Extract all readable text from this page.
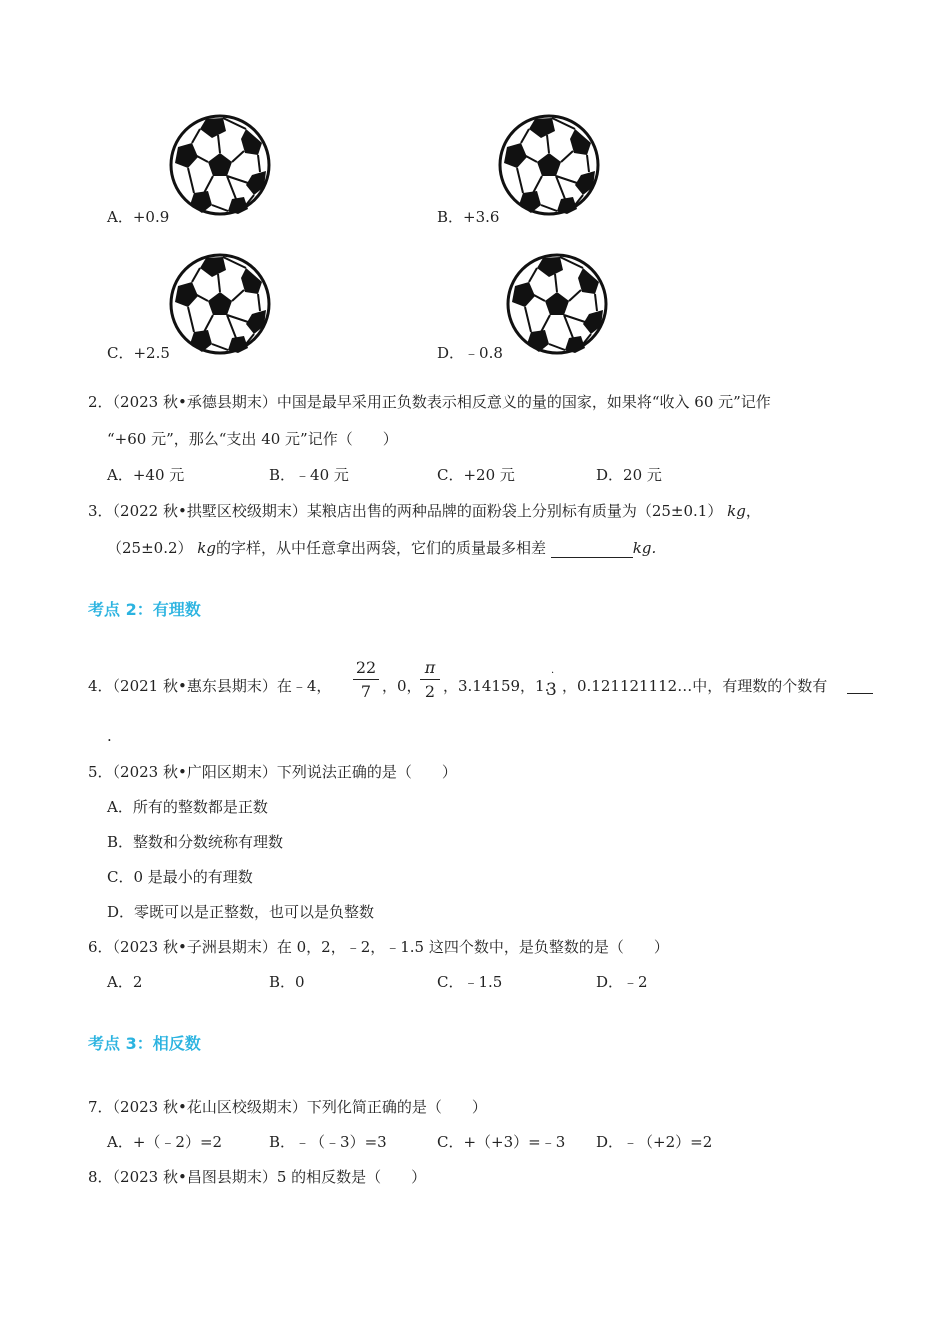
A．+0.9	B．+3.6
C．+2.5	D．﹣0.8
2．（2023 秋•承德县期末）中国是最早采用正负数表示相反意义的量的国家，如果将“收入 60 元”记作
“+60 元”，那么“支出 40 元”记作（　　）
A．+40 元	B．﹣40 元	C．+20 元	D．20 元
3．（2022 秋•拱墅区校级期末）某粮店出售的两种品牌的面粉袋上分别标有质量为（25±0.1） kg，
（25±0.2） kg的字样，从中任意拿出两袋，它们的质量最多相差	kg.
考点 2：有理数
4．（2021 秋•惠东县期末）在﹣4，
22
7 ，0，
π
2 ，3.14159，1.
·
3 ，0.121121112…中，有理数的个数有

.
5．（2023 秋•广阳区期末）下列说法正确的是（　　）
A．所有的整数都是正数
B．整数和分数统称有理数
C．0 是最小的有理数
D．零既可以是正整数，也可以是负整数
6．（2023 秋•子洲县期末）在 0，2，﹣2，﹣1.5 这四个数中，是负整数的是（　　）
A．2	B．0	C．﹣1.5	D．﹣2
考点 3：相反数
7．（2023 秋•花山区校级期末）下列化简正确的是（　　）
A．+（﹣2）=2	B．﹣（﹣3）=3	C．+（+3）=﹣3 D．﹣（+2）=2
8．（2023 秋•昌图县期末）5 的相反数是（　　）
